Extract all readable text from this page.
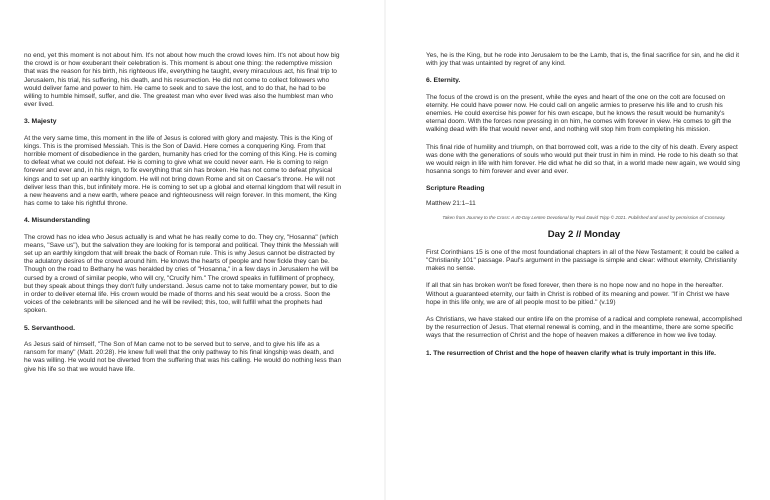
no end, yet this moment is not about him. It's not about how much the crowd loves him. It's not about how big the crowd is or how exuberant their celebration is. This moment is about one thing: the redemptive mission that was the reason for his birth, his righteous life, everything he taught, every miraculous act, his final trip to Jerusalem, his trial, his suffering, his death, and his resurrection. He did not come to collect followers who would deliver fame and power to him. He came to seek and to save the lost, and to do that, he had to be willing to humble himself, suffer, and die. The greatest man who ever lived was also the humblest man who ever lived.

3. Majesty

At the very same time, this moment in the life of Jesus is colored with glory and majesty. This is the King of kings. This is the promised Messiah. This is the Son of David. Here comes a conquering King. From that horrible moment of disobedience in the garden, humanity has cried for the coming of this King. He is coming to defeat what we could not defeat. He is coming to give what we could never earn. He is coming to reign forever and ever and, in his reign, to fix everything that sin has broken. He has not come to defeat physical kings and to set up an earthly kingdom. He will not bring down Rome and sit on Caesar's throne. He will not deliver less than this, but infinitely more. He is coming to set up a global and eternal kingdom that will result in a new heavens and a new earth, where peace and righteousness will reign forever. In this moment, the King has come to take his rightful throne.

4. Misunderstanding

The crowd has no idea who Jesus actually is and what he has really come to do. They cry, "Hosanna" (which means, "Save us"), but the salvation they are looking for is temporal and political. They think the Messiah will set up an earthly kingdom that will break the back of Roman rule. This is why Jesus cannot be distracted by the adulatory desires of the crowd around him. He knows the hearts of people and how fickle they can be. Though on the road to Bethany he was heralded by cries of "Hosanna," in a few days in Jerusalem he will be cursed by a crowd of similar people, who will cry, "Crucify him." The crowd speaks in fulfillment of prophecy, but they speak about things they don't fully understand. Jesus came not to take momentary power, but to die in order to deliver eternal life. His crown would be made of thorns and his seat would be a cross. Soon the voices of the celebrants will be silenced and he will be reviled; this, too, will fulfill what the prophets had spoken.

5. Servanthood.

As Jesus said of himself, "The Son of Man came not to be served but to serve, and to give his life as a ransom for many" (Matt. 20:28). He knew full well that the only pathway to his final kingship was death, and he was willing. He would not be diverted from the suffering that was his calling. He would do nothing less than give his life so that we would have life.

Yes, he is the King, but he rode into Jerusalem to be the Lamb, that is, the final sacrifice for sin, and he did it with joy that was untainted by regret of any kind.

6. Eternity.

The focus of the crowd is on the present, while the eyes and heart of the one on the colt are focused on eternity. He could have power now. He could call on angelic armies to preserve his life and to crush his enemies. He could exercise his power for his own escape, but he knows the result would be humanity's eternal doom. With the forces now pressing in on him, he comes with forever in view. He comes to gift the walking dead with life that would never end, and nothing will stop him from completing his mission.

This final ride of humility and triumph, on that borrowed colt, was a ride to the city of his death. Every aspect was done with the generations of souls who would put their trust in him in mind. He rode to his death so that we would reign in life with him forever. He did what he did so that, in a world made new again, we would sing hosanna songs to him forever and ever and ever.

Scripture Reading

Matthew 21:1–11

Taken from Journey to the Cross: A 40-Day Lenten Devotional by Paul David Tripp © 2021. Published and used by permission of Crossway.
Day 2 // Monday

First Corinthians 15 is one of the most foundational chapters in all of the New Testament; it could be called a "Christianity 101" passage. Paul's argument in the passage is simple and clear: without eternity, Christianity makes no sense.

If all that sin has broken won't be fixed forever, then there is no hope now and no hope in the hereafter. Without a guaranteed eternity, our faith in Christ is robbed of its meaning and power. "If in Christ we have hope in this life only, we are of all people most to be pitied." (v.19)

As Christians, we have staked our entire life on the promise of a radical and complete renewal, accomplished by the resurrection of Jesus. That eternal renewal is coming, and in the meantime, there are some specific ways that the resurrection of Christ and the hope of heaven makes a difference in how we live today.

1. The resurrection of Christ and the hope of heaven clarify what is truly important in this life.
